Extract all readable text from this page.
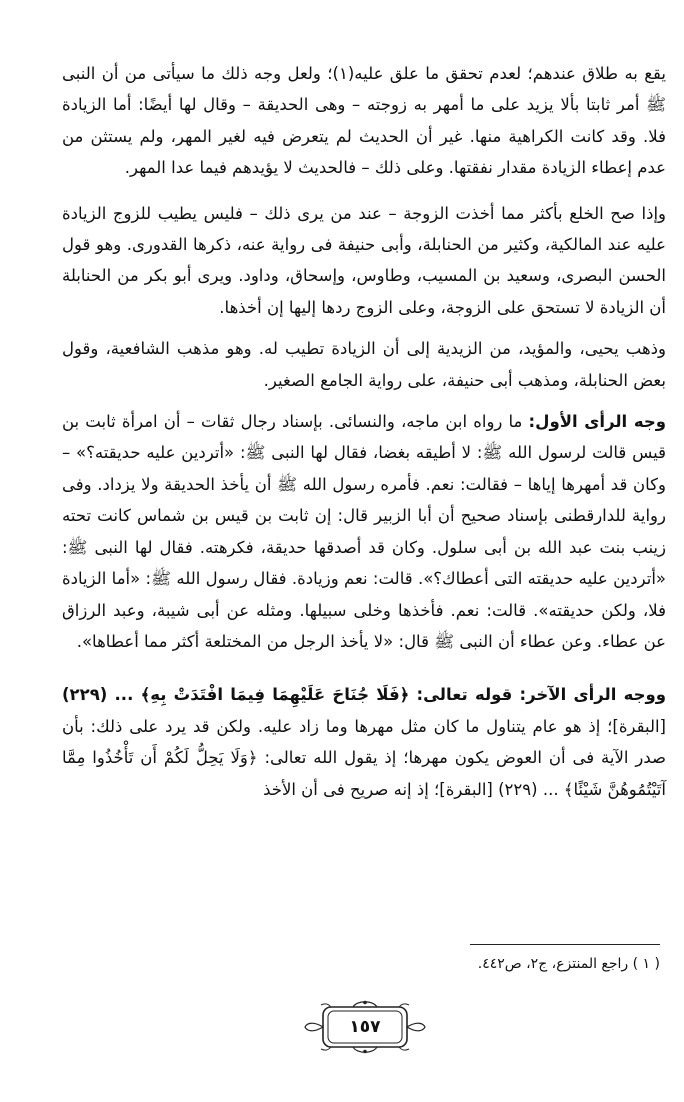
يقع به طلاق عندهم؛ لعدم تحقق ما علق عليه(١)؛ ولعل وجه ذلك ما سيأتى من أن النبى ﷺ أمر ثابتا بألا يزيد على ما أمهر به زوجته – وهى الحديقة – وقال لها أيضًا: أما الزيادة فلا. وقد كانت الكراهية منها. غير أن الحديث لم يتعرض فيه لغير المهر، ولم يستثن من عدم إعطاء الزيادة مقدار نفقتها. وعلى ذلك – فالحديث لا يؤيدهم فيما عدا المهر.

وإذا صح الخلع بأكثر مما أخذت الزوجة – عند من يرى ذلك – فليس يطيب للزوج الزيادة عليه عند المالكية، وكثير من الحنابلة، وأبى حنيفة فى رواية عنه، ذكرها القدورى. وهو قول الحسن البصرى، وسعيد بن المسيب، وطاوس، وإسحاق، وداود. ويرى أبو بكر من الحنابلة أن الزيادة لا تستحق على الزوجة، وعلى الزوج ردها إليها إن أخذها.

وذهب يحيى، والمؤيد، من الزيدية إلى أن الزيادة تطيب له. وهو مذهب الشافعية، وقول بعض الحنابلة، ومذهب أبى حنيفة، على رواية الجامع الصغير.

وجه الرأى الأول: ما رواه ابن ماجه، والنسائى. بإسناد رجال ثقات – أن امرأة ثابت بن قيس قالت لرسول الله ﷺ: لا أطيقه بغضا، فقال لها النبى ﷺ: «أتردين عليه حديقته؟» – وكان قد أمهرها إياها – فقالت: نعم. فأمره رسول الله ﷺ أن يأخذ الحديقة ولا يزداد. وفى رواية للدارقطنى بإسناد صحيح أن أبا الزبير قال: إن ثابت بن قيس بن شماس كانت تحته زينب بنت عبد الله بن أبى سلول. وكان قد أصدقها حديقة، فكرهته. فقال لها النبى ﷺ: «أتردين عليه حديقته التى أعطاك؟». قالت: نعم وزيادة. فقال رسول الله ﷺ: «أما الزيادة فلا، ولكن حديقته». قالت: نعم. فأخذها وخلى سبيلها. ومثله عن أبى شيبة، وعبد الرزاق عن عطاء. وعن عطاء أن النبى ﷺ قال: «لا يأخذ الرجل من المختلعة أكثر مما أعطاها».

ووجه الرأى الآخر: قوله تعالى: ﴿فَلَا جُنَاحَ عَلَيْهِمَا فِيمَا افْتَدَتْ بِهِ﴾ ... (٢٢٩) [البقرة]؛ إذ هو عام يتناول ما كان مثل مهرها وما زاد عليه. ولكن قد يرد على ذلك: بأن صدر الآية فى أن العوض يكون مهرها؛ إذ يقول الله تعالى: ﴿وَلَا يَحِلُّ لَكُمْ أَن تَأْخُذُوا مِمَّا آتَيْتُمُوهُنَّ شَيْئًا﴾ ... (٢٢٩) [البقرة]؛ إذ إنه صريح فى أن الأخذ

( ١ ) راجع المنتزع، ج٢، ص٤٤٢.
١٥٧
